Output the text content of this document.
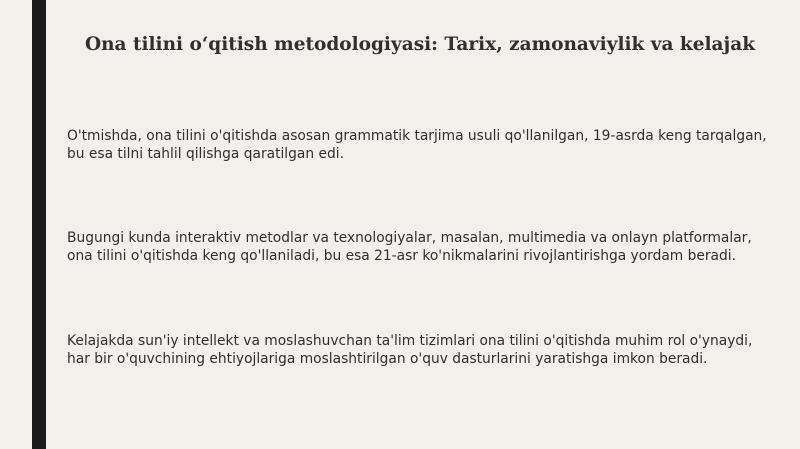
Ona tilini o‘qitish metodologiyasi: Tarix, zamonaviylik va kelajak

O'tmishda, ona tilini o'qitishda asosan grammatik tarjima usuli qo'llanilgan, 19-asrda keng tarqalgan, bu esa tilni tahlil qilishga qaratilgan edi.

Bugungi kunda interaktiv metodlar va texnologiyalar, masalan, multimedia va onlayn platformalar, ona tilini o'qitishda keng qo'llaniladi, bu esa 21-asr ko'nikmalarini rivojlantirishga yordam beradi.

Kelajakda sun'iy intellekt va moslashuvchan ta'lim tizimlari ona tilini o'qitishda muhim rol o'ynaydi, har bir o'quvchining ehtiyojlariga moslashtirilgan o'quv dasturlarini yaratishga imkon beradi.
